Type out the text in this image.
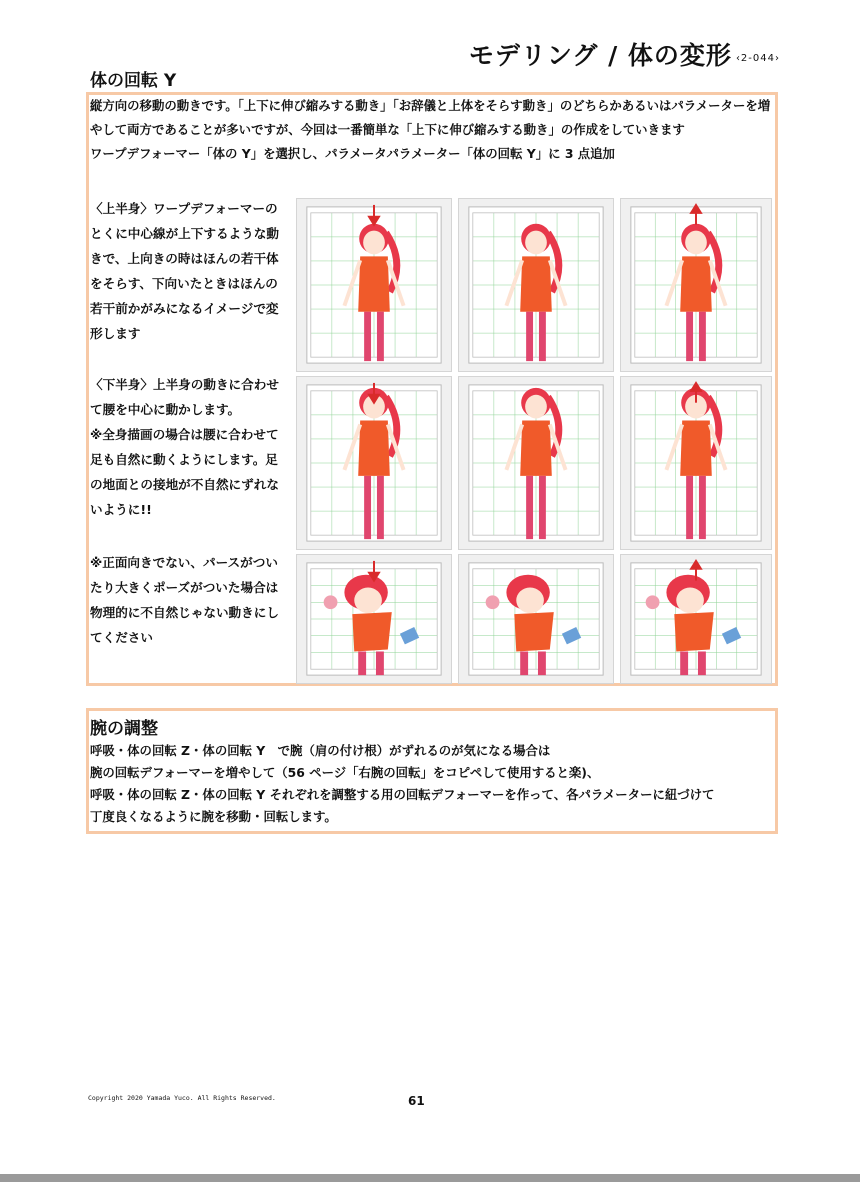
モデリング / 体の変形 ‹2-044›
体の回転 Y

縦方向の移動の動きです。「上下に伸び縮みする動き」「お辞儀と上体をそらす動き」のどちらかあるいはパラメーターを増やして両方であることが多いですが、今回は一番簡単な「上下に伸び縮みする動き」の作成をしていきます

ワープデフォーマー「体の Y」を選択し、パラメータパラメーター「体の回転 Y」に 3 点追加

〈上半身〉ワープデフォーマーのとくに中心線が上下するような動きで、上向きの時はほんの若干体をそらす、下向いたときはほんの若干前かがみになるイメージで変形します

〈下半身〉上半身の動きに合わせて腰を中心に動かします。

※全身描画の場合は腰に合わせて足も自然に動くようにします。足の地面との接地が不自然にずれないように!!

※正面向きでない、パースがついたり大きくポーズがついた場合は物理的に不自然じゃない動きにしてください

腕の調整

呼吸・体の回転 Z・体の回転 Y　で腕（肩の付け根）がずれるのが気になる場合は

腕の回転デフォーマーを増やして（56 ページ「右腕の回転」をコピペして使用すると楽)、

呼吸・体の回転 Z・体の回転 Y それぞれを調整する用の回転デフォーマーを作って、各パラメーターに紐づけて

丁度良くなるように腕を移動・回転します。

Copyright 2020 Yamada Yuco. All Rights Reserved.	61
